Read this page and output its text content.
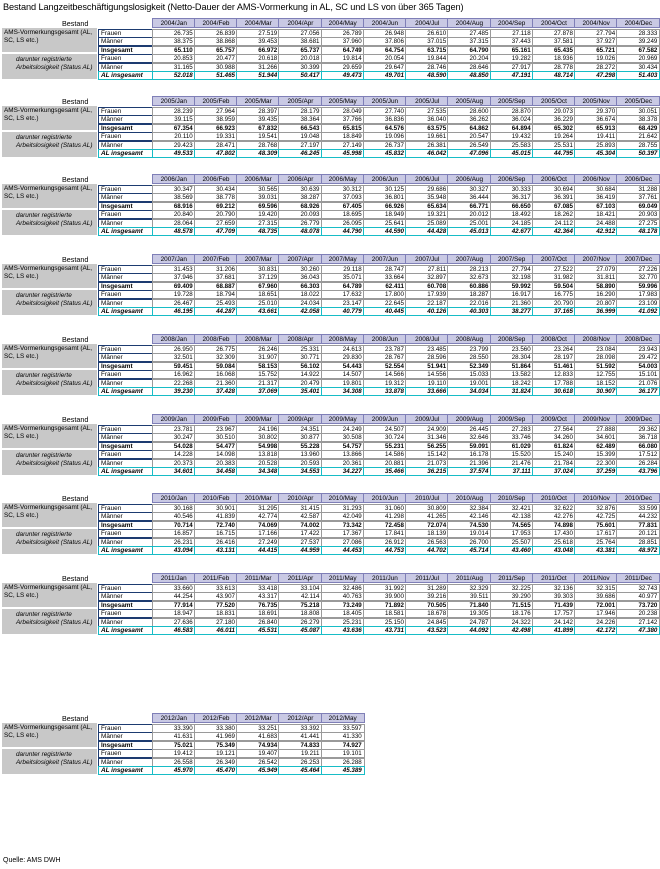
Bestand Langzeitbeschäftigungslosigkeit (Netto-Dauer der AMS-Vormerkung in AL, SC und LS von über 365 Tagen)
Bestand	2004/Jan	2004/Feb	2004/Mar	2004/Apr	2004/May	2004/Jun	2004/Jul	2004/Aug	2004/Sep	2004/Oct	2004/Nov	2004/Dec
AMS-Vormerkungsgesamt (AL, SC, LS etc.)
darunter registrierte Arbeitslosigkeit (Status AL)
Frauen	26.735	26.839	27.519	27.056	26.789	26.948	26.610	27.485	27.118	27.878	27.794	28.333
Männer	38.375	38.868	39.453	38.681	37.960	37.806	37.015	37.315	37.443	37.581	37.927	39.249
Insgesamt	65.110	65.757	66.972	65.737	64.749	64.754	63.715	64.790	65.161	65.435	65.721	67.582
Frauen	20.853	20.477	20.618	20.018	19.814	20.054	19.844	20.204	19.282	18.936	19.026	20.969
Männer	31.165	30.988	31.266	30.399	29.659	29.647	28.746	28.646	27.917	28.778	28.272	30.434
AL insgesamt	52.018	51.465	51.944	50.417	49.473	49.701	48.590	48.850	47.191	48.714	47.298	51.403
Bestand	2005/Jan	2005/Feb	2005/Mar	2005/Apr	2005/May	2005/Jun	2005/Jul	2005/Aug	2005/Sep	2005/Oct	2005/Nov	2005/Dec
AMS-Vormerkungsgesamt (AL, SC, LS etc.)
darunter registrierte Arbeitslosigkeit (Status AL)
Frauen	28.239	27.964	28.397	28.179	28.049	27.740	27.535	28.600	28.870	29.073	29.370	30.051
Männer	39.115	38.959	39.435	38.364	37.766	36.836	36.040	36.262	36.024	36.229	36.674	38.378
Insgesamt	67.354	66.923	67.832	66.543	65.815	64.576	63.575	64.862	64.894	65.302	65.913	68.429
Frauen	20.110	19.331	19.541	19.048	18.849	19.096	19.661	20.547	19.432	19.264	19.411	21.642
Männer	29.423	28.471	28.768	27.197	27.149	26.737	26.381	26.549	25.583	25.531	25.893	28.755
AL insgesamt	49.533	47.802	48.309	46.245	45.998	45.832	46.042	47.096	45.015	44.795	45.304	50.397
Bestand	2006/Jan	2006/Feb	2006/Mar	2006/Apr	2006/May	2006/Jun	2006/Jul	2006/Aug	2006/Sep	2006/Oct	2006/Nov	2006/Dec
AMS-Vormerkungsgesamt (AL, SC, LS etc.)
darunter registrierte Arbeitslosigkeit (Status AL)
Frauen	30.347	30.434	30.565	30.639	30.312	30.125	29.686	30.327	30.333	30.694	30.684	31.288
Männer	38.569	38.778	39.031	38.287	37.093	36.801	35.948	36.444	36.317	36.391	36.419	37.761
Insgesamt	68.916	69.212	69.596	68.926	67.405	66.926	65.634	66.771	66.650	67.085	67.103	69.049
Frauen	20.840	20.790	19.420	20.093	18.695	18.949	19.321	20.012	18.492	18.262	18.421	20.903
Männer	28.064	27.659	27.315	26.779	26.095	25.641	25.089	25.001	24.185	24.112	24.488	27.275
AL insgesamt	48.578	47.709	48.735	48.078	44.790	44.590	44.428	45.013	42.677	42.364	42.912	48.178
Bestand	2007/Jan	2007/Feb	2007/Mar	2007/Apr	2007/May	2007/Jun	2007/Jul	2007/Aug	2007/Sep	2007/Oct	2007/Nov	2007/Dec
AMS-Vormerkungsgesamt (AL, SC, LS etc.)
darunter registrierte Arbeitslosigkeit (Status AL)
Frauen	31.453	31.206	30.831	30.260	29.118	28.747	27.811	28.213	27.794	27.522	27.079	27.226
Männer	37.946	37.681	37.129	36.043	35.071	33.664	32.897	32.673	32.198	31.982	31.811	32.770
Insgesamt	69.409	68.887	67.960	66.303	64.789	62.411	60.708	60.886	59.992	59.504	58.890	59.996
Frauen	19.728	18.794	18.651	18.022	17.632	17.800	17.939	18.287	16.917	16.775	16.290	17.983
Männer	26.467	25.493	25.010	24.034	23.147	22.645	22.187	22.016	21.360	20.790	20.807	23.109
AL insgesamt	46.195	44.287	43.661	42.058	40.779	40.445	40.126	40.303	38.277	37.165	36.999	41.092
Bestand	2008/Jan	2008/Feb	2008/Mar	2008/Apr	2008/May	2008/Jun	2008/Jul	2008/Aug	2008/Sep	2008/Oct	2008/Nov	2008/Dec
AMS-Vormerkungsgesamt (AL, SC, LS etc.)
darunter registrierte Arbeitslosigkeit (Status AL)
Frauen	26.950	26.775	26.246	25.331	24.613	23.787	23.485	23.799	23.560	23.264	23.084	23.943
Männer	32.501	32.309	31.907	30.771	29.830	28.767	28.596	28.550	28.304	28.197	28.098	29.472
Insgesamt	59.451	59.084	58.153	56.102	54.443	52.554	51.941	52.349	51.864	51.461	51.592	54.003
Frauen	16.962	16.068	15.752	14.922	14.507	14.566	14.556	15.033	13.582	12.833	12.755	15.101
Männer	22.268	21.360	21.317	20.479	19.801	19.312	19.110	19.001	18.242	17.788	18.152	21.076
AL insgesamt	39.230	37.428	37.069	35.401	34.308	33.878	33.666	34.034	31.824	30.618	30.907	36.177
Bestand	2009/Jan	2009/Feb	2009/Mar	2009/Apr	2009/May	2009/Jun	2009/Jul	2009/Aug	2009/Sep	2009/Oct	2009/Nov	2009/Dec
AMS-Vormerkungsgesamt (AL, SC, LS etc.)
darunter registrierte Arbeitslosigkeit (Status AL)
Frauen	23.781	23.967	24.196	24.351	24.249	24.507	24.909	26.445	27.283	27.564	27.888	29.362
Männer	30.247	30.510	30.802	30.877	30.508	30.724	31.346	32.646	33.746	34.260	34.601	36.718
Insgesamt	54.028	54.477	54.998	55.228	54.757	55.231	56.255	59.091	61.029	61.824	62.489	66.080
Frauen	14.228	14.098	13.818	13.960	13.866	14.586	15.142	16.178	15.520	15.240	15.399	17.512
Männer	20.373	20.383	20.528	20.593	20.361	20.881	21.073	21.396	21.476	21.784	22.300	26.284
AL insgesamt	34.601	34.458	34.348	34.553	34.227	35.466	36.215	37.574	37.111	37.024	37.259	43.796
Bestand	2010/Jan	2010/Feb	2010/Mar	2010/Apr	2010/May	2010/Jun	2010/Jul	2010/Aug	2010/Sep	2010/Oct	2010/Nov	2010/Dec
AMS-Vormerkungsgesamt (AL, SC, LS etc.)
darunter registrierte Arbeitslosigkeit (Status AL)
Frauen	30.168	30.901	31.295	31.415	31.293	31.060	30.809	32.384	32.421	32.622	32.876	33.599
Männer	40.546	41.839	42.774	42.587	42.049	41.298	41.265	42.146	42.138	42.276	42.725	44.232
Insgesamt	70.714	72.740	74.069	74.002	73.342	72.458	72.074	74.530	74.565	74.898	75.601	77.831
Frauen	16.857	16.715	17.166	17.422	17.367	17.841	18.139	19.014	17.953	17.430	17.617	20.121
Männer	26.231	26.416	27.249	27.537	27.086	26.912	26.563	26.700	25.507	25.618	25.764	28.851
AL insgesamt	43.094	43.131	44.415	44.959	44.453	44.753	44.702	45.714	43.460	43.048	43.381	48.972
Bestand	2011/Jan	2011/Feb	2011/Mar	2011/Apr	2011/May	2011/Jun	2011/Jul	2011/Aug	2011/Sep	2011/Oct	2011/Nov	2011/Dec
AMS-Vormerkungsgesamt (AL, SC, LS etc.)
darunter registrierte Arbeitslosigkeit (Status AL)
Frauen	33.660	33.613	33.418	33.104	32.486	31.992	31.289	32.329	32.225	32.136	32.315	32.743
Männer	44.254	43.907	43.317	42.114	40.763	39.900	39.216	39.511	39.290	39.303	39.686	40.977
Insgesamt	77.914	77.520	76.735	75.218	73.249	71.892	70.505	71.840	71.515	71.439	72.001	73.720
Frauen	18.947	18.831	18.691	18.808	18.405	18.581	18.678	19.305	18.176	17.757	17.946	20.238
Männer	27.636	27.180	26.840	26.279	25.231	25.150	24.845	24.787	24.322	24.142	24.226	27.142
AL insgesamt	46.583	46.011	45.531	45.087	43.636	43.731	43.523	44.092	42.498	41.899	42.172	47.380
Bestand	2012/Jan	2012/Feb	2012/Mar	2012/Apr	2012/May
AMS-Vormerkungsgesamt (AL, SC, LS etc.)
darunter registrierte Arbeitslosigkeit (Status AL)
Frauen	33.390	33.380	33.251	33.392	33.597
Männer	41.631	41.969	41.683	41.441	41.330
Insgesamt	75.021	75.349	74.934	74.833	74.927
Frauen	19.412	19.121	19.407	19.211	19.101
Männer	26.558	26.349	26.542	26.253	26.288
AL insgesamt	45.970	45.470	45.949	45.464	45.389
Quelle: AMS DWH
